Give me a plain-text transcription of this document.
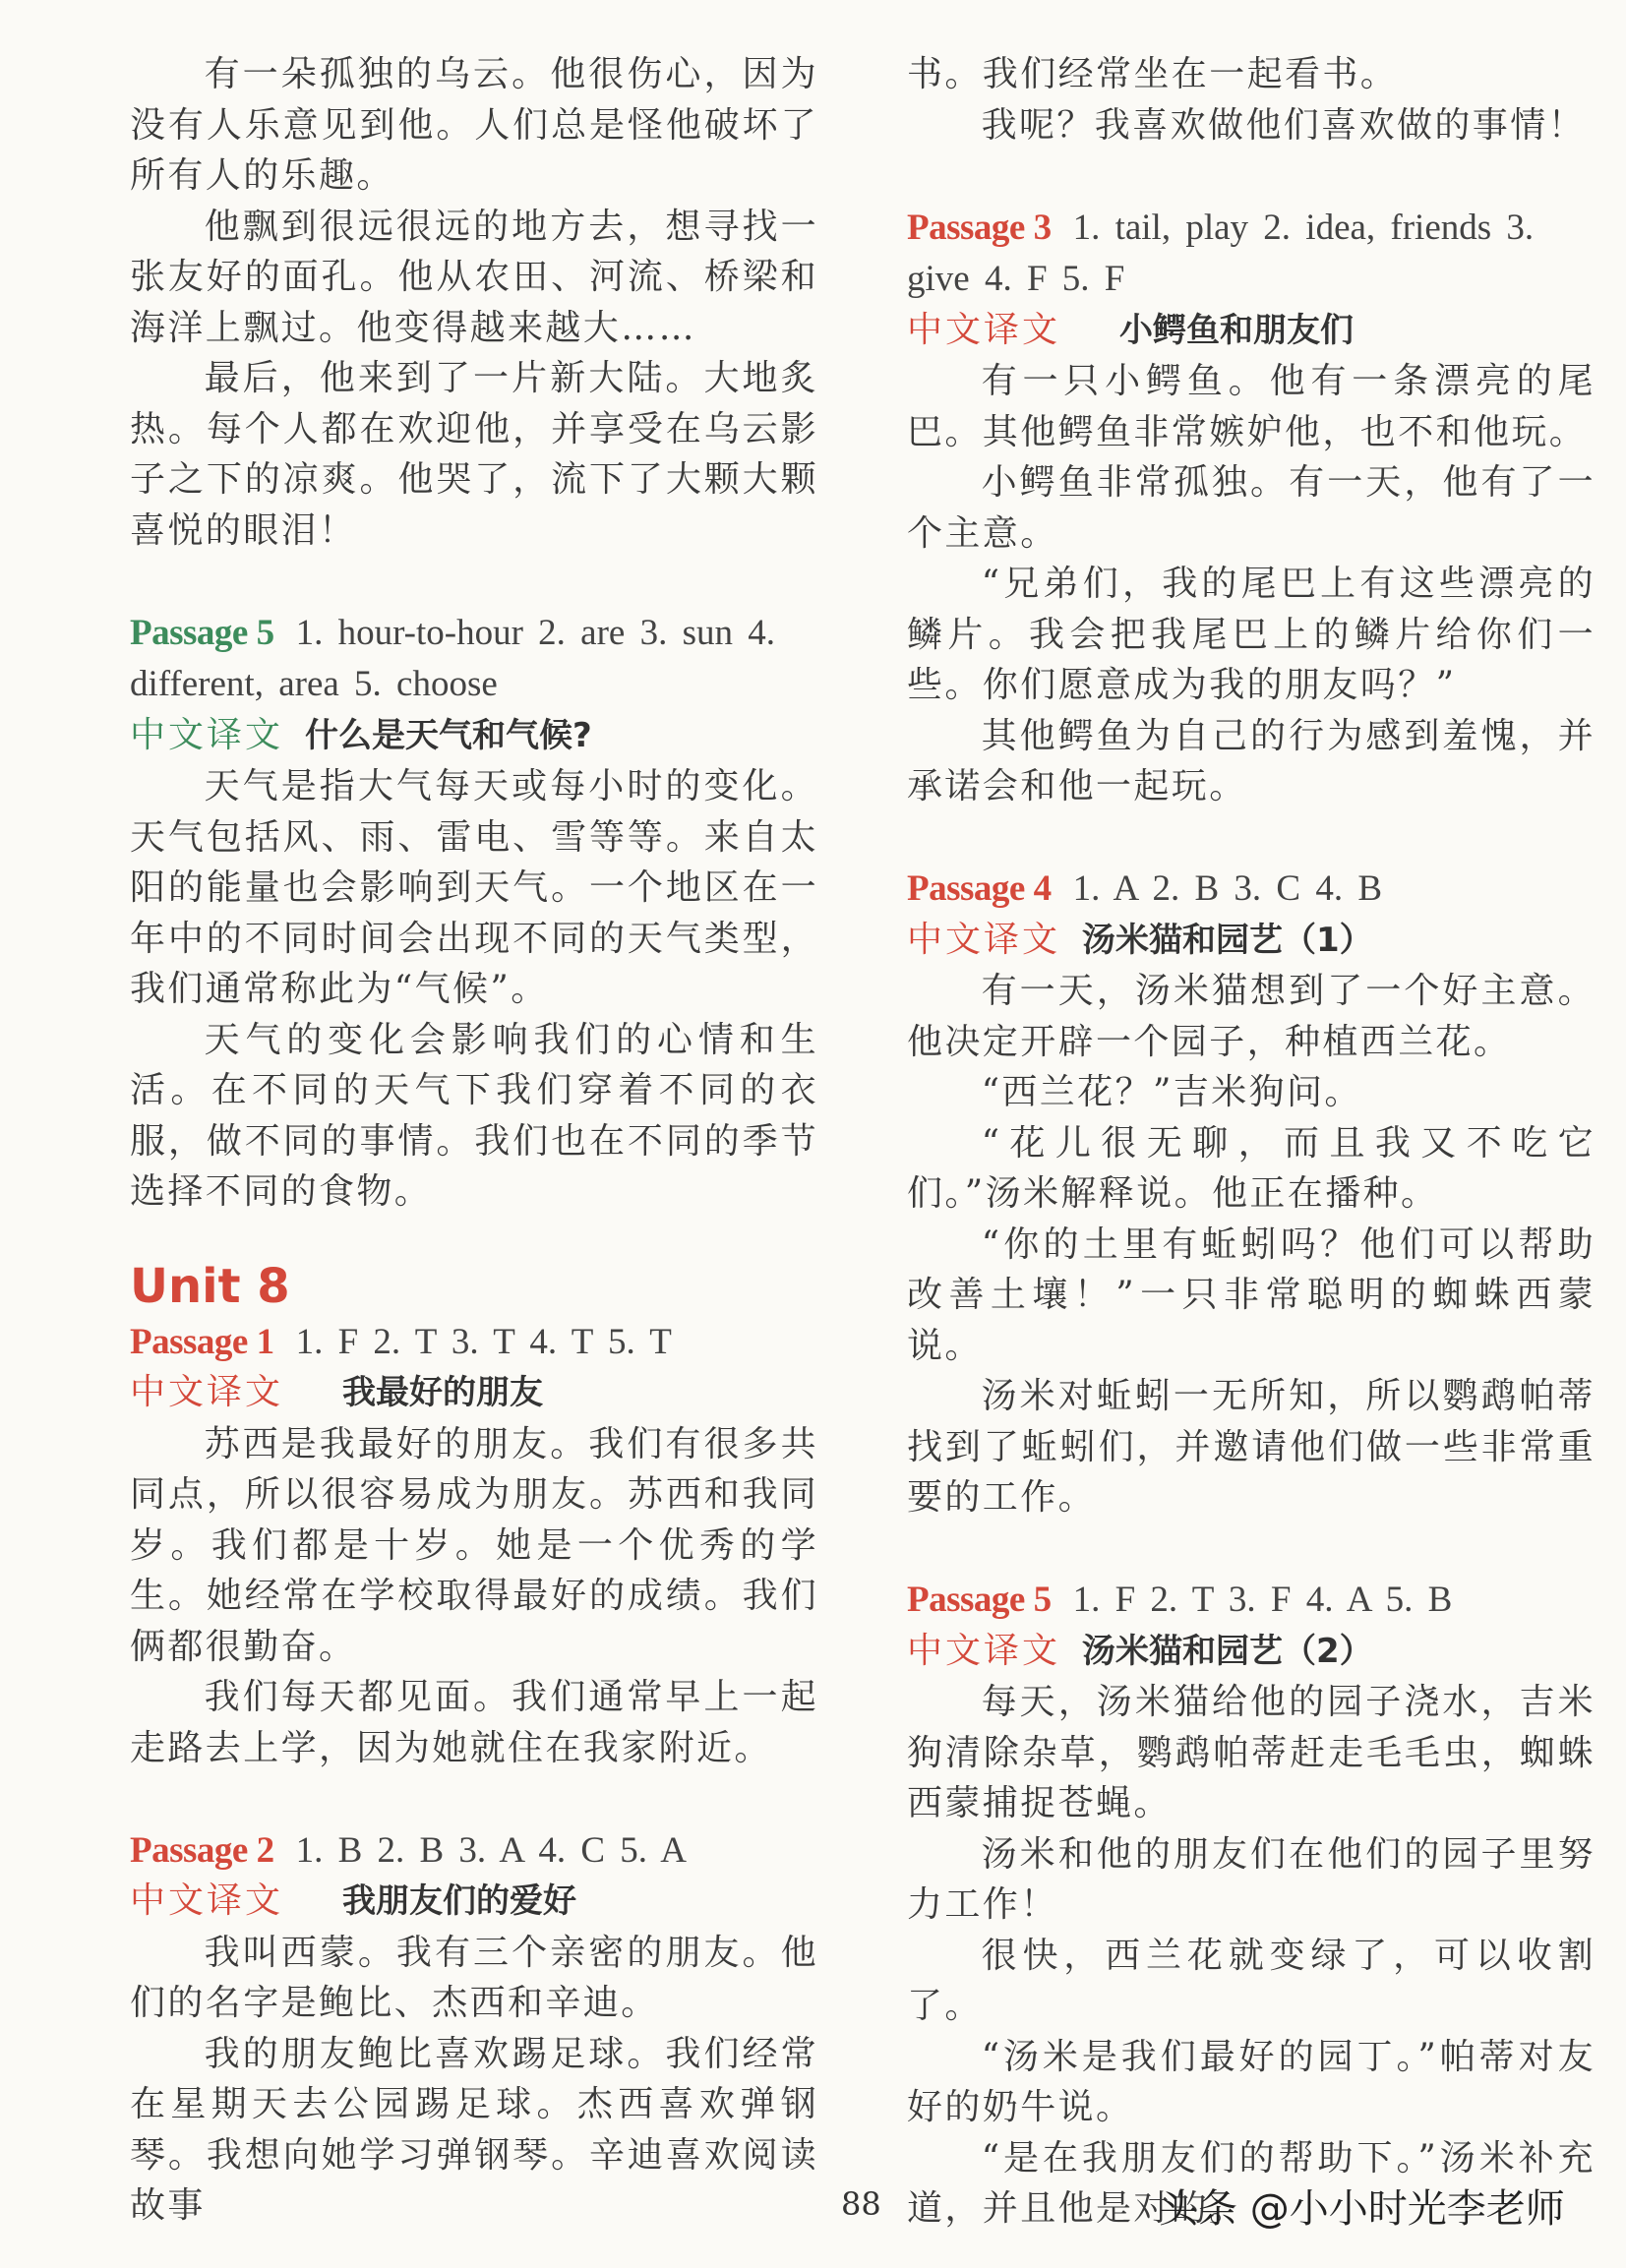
有一朵孤独的乌云。他很伤心，因为没有人乐意见到他。人们总是怪他破坏了所有人的乐趣。

他飘到很远很远的地方去，想寻找一张友好的面孔。他从农田、河流、桥梁和海洋上飘过。他变得越来越大……

最后，他来到了一片新大陆。大地炙热。每个人都在欢迎他，并享受在乌云影子之下的凉爽。他哭了，流下了大颗大颗喜悦的眼泪！

Passage 5 1. hour-to-hour 2. are 3. sun 4. different, area 5. choose
中文译文 什么是天气和气候?

天气是指大气每天或每小时的变化。天气包括风、雨、雷电、雪等等。来自太阳的能量也会影响到天气。一个地区在一年中的不同时间会出现不同的天气类型，我们通常称此为“气候”。

天气的变化会影响我们的心情和生活。在不同的天气下我们穿着不同的衣服，做不同的事情。我们也在不同的季节选择不同的食物。

Unit 8
Passage 1 1. F 2. T 3. T 4. T 5. T
中文译文 我最好的朋友

苏西是我最好的朋友。我们有很多共同点，所以很容易成为朋友。苏西和我同岁。我们都是十岁。她是一个优秀的学生。她经常在学校取得最好的成绩。我们俩都很勤奋。

我们每天都见面。我们通常早上一起走路去上学，因为她就住在我家附近。

Passage 2 1. B 2. B 3. A 4. C 5. A
中文译文 我朋友们的爱好

我叫西蒙。我有三个亲密的朋友。他们的名字是鲍比、杰西和辛迪。

我的朋友鲍比喜欢踢足球。我们经常在星期天去公园踢足球。杰西喜欢弹钢琴。我想向她学习弹钢琴。辛迪喜欢阅读故事

书。我们经常坐在一起看书。

我呢？我喜欢做他们喜欢做的事情！

Passage 3 1. tail, play 2. idea, friends 3. give 4. F 5. F
中文译文 小鳄鱼和朋友们

有一只小鳄鱼。他有一条漂亮的尾巴。其他鳄鱼非常嫉妒他，也不和他玩。

小鳄鱼非常孤独。有一天，他有了一个主意。

“兄弟们，我的尾巴上有这些漂亮的鳞片。我会把我尾巴上的鳞片给你们一些。你们愿意成为我的朋友吗？”

其他鳄鱼为自己的行为感到羞愧，并承诺会和他一起玩。

Passage 4 1. A 2. B 3. C 4. B
中文译文 汤米猫和园艺（1）

有一天，汤米猫想到了一个好主意。他决定开辟一个园子，种植西兰花。

“西兰花？”吉米狗问。

“花儿很无聊，而且我又不吃它们。”汤米解释说。他正在播种。

“你的土里有蚯蚓吗？他们可以帮助改善土壤！”一只非常聪明的蜘蛛西蒙说。

汤米对蚯蚓一无所知，所以鹦鹉帕蒂找到了蚯蚓们，并邀请他们做一些非常重要的工作。

Passage 5 1. F 2. T 3. F 4. A 5. B
中文译文 汤米猫和园艺（2）

每天，汤米猫给他的园子浇水，吉米狗清除杂草，鹦鹉帕蒂赶走毛毛虫，蜘蛛西蒙捕捉苍蝇。

汤米和他的朋友们在他们的园子里努力工作！

很快，西兰花就变绿了，可以收割了。

“汤米是我们最好的园丁。”帕蒂对友好的奶牛说。

“是在我朋友们的帮助下。”汤米补充道，并且他是对的。

88	头条 @小小时光李老师
